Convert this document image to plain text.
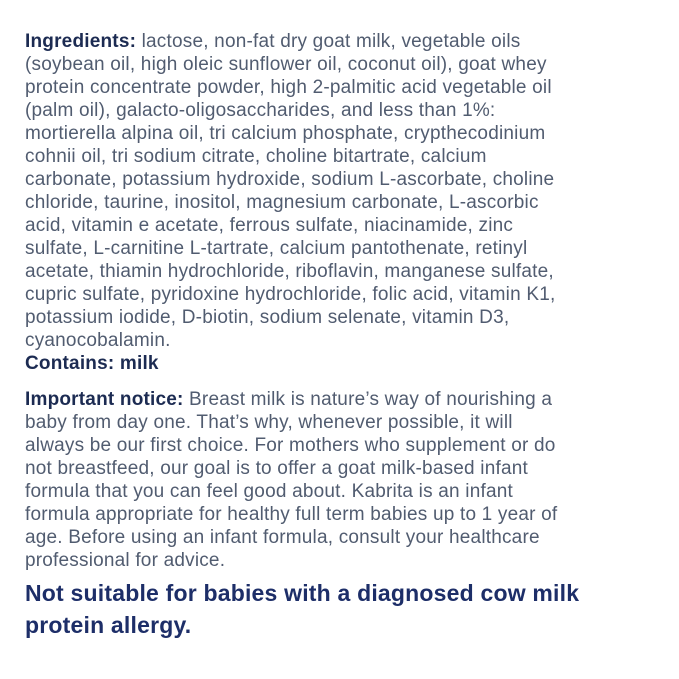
Ingredients: lactose, non-fat dry goat milk, vegetable oils
(soybean oil, high oleic sunflower oil, coconut oil), goat whey
protein concentrate powder, high 2-palmitic acid vegetable oil
(palm oil), galacto-oligosaccharides, and less than 1%:
mortierella alpina oil, tri calcium phosphate, crypthecodinium
cohnii oil, tri sodium citrate, choline bitartrate, calcium
carbonate, potassium hydroxide, sodium L-ascorbate, choline
chloride, taurine, inositol, magnesium carbonate, L-ascorbic
acid, vitamin e acetate, ferrous sulfate, niacinamide, zinc
sulfate, L-carnitine L-tartrate, calcium pantothenate, retinyl
acetate, thiamin hydrochloride, riboflavin, manganese sulfate,
cupric sulfate, pyridoxine hydrochloride, folic acid, vitamin K1,
potassium iodide, D-biotin, sodium selenate, vitamin D3,
cyanocobalamin.
Contains: milk
Important notice: Breast milk is nature’s way of nourishing a
baby from day one. That’s why, whenever possible, it will
always be our first choice. For mothers who supplement or do
not breastfeed, our goal is to offer a goat milk-based infant
formula that you can feel good about. Kabrita is an infant
formula appropriate for healthy full term babies up to 1 year of
age. Before using an infant formula, consult your healthcare
professional for advice.
Not suitable for babies with a diagnosed cow milk
protein allergy.
